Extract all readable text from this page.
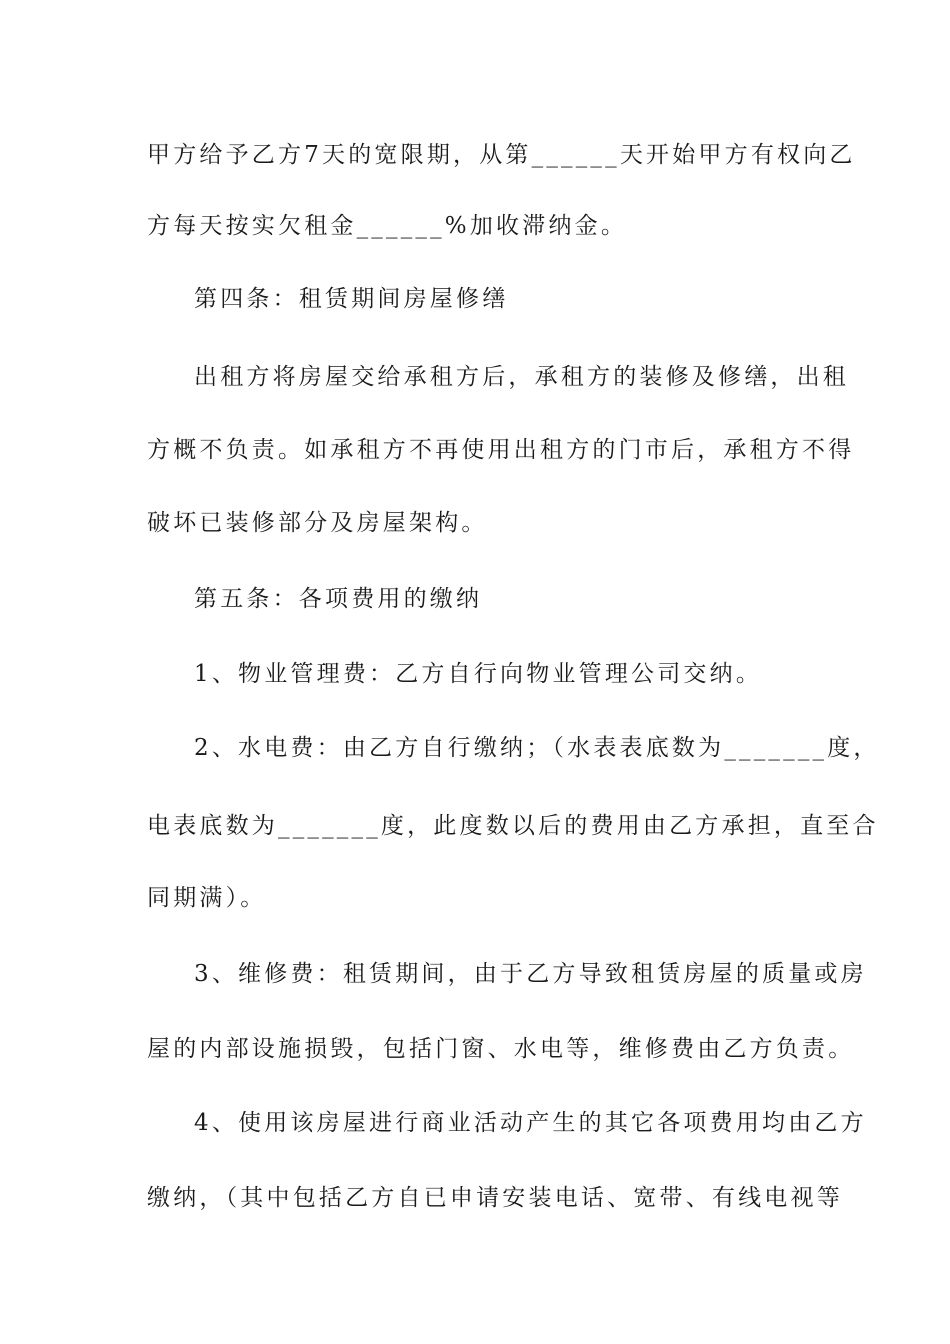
甲方给予乙方7天的宽限期，从第______天开始甲方有权向乙
方每天按实欠租金______%加收滞纳金。
第四条：租赁期间房屋修缮
出租方将房屋交给承租方后，承租方的装修及修缮，出租
方概不负责。如承租方不再使用出租方的门市后，承租方不得
破坏已装修部分及房屋架构。
第五条：各项费用的缴纳
1、物业管理费：乙方自行向物业管理公司交纳。
2、水电费：由乙方自行缴纳；（水表表底数为_______度，
电表底数为_______度，此度数以后的费用由乙方承担，直至合
同期满）。
3、维修费：租赁期间，由于乙方导致租赁房屋的质量或房
屋的内部设施损毁，包括门窗、水电等，维修费由乙方负责。
4、使用该房屋进行商业活动产生的其它各项费用均由乙方
缴纳，（其中包括乙方自已申请安装电话、宽带、有线电视等
